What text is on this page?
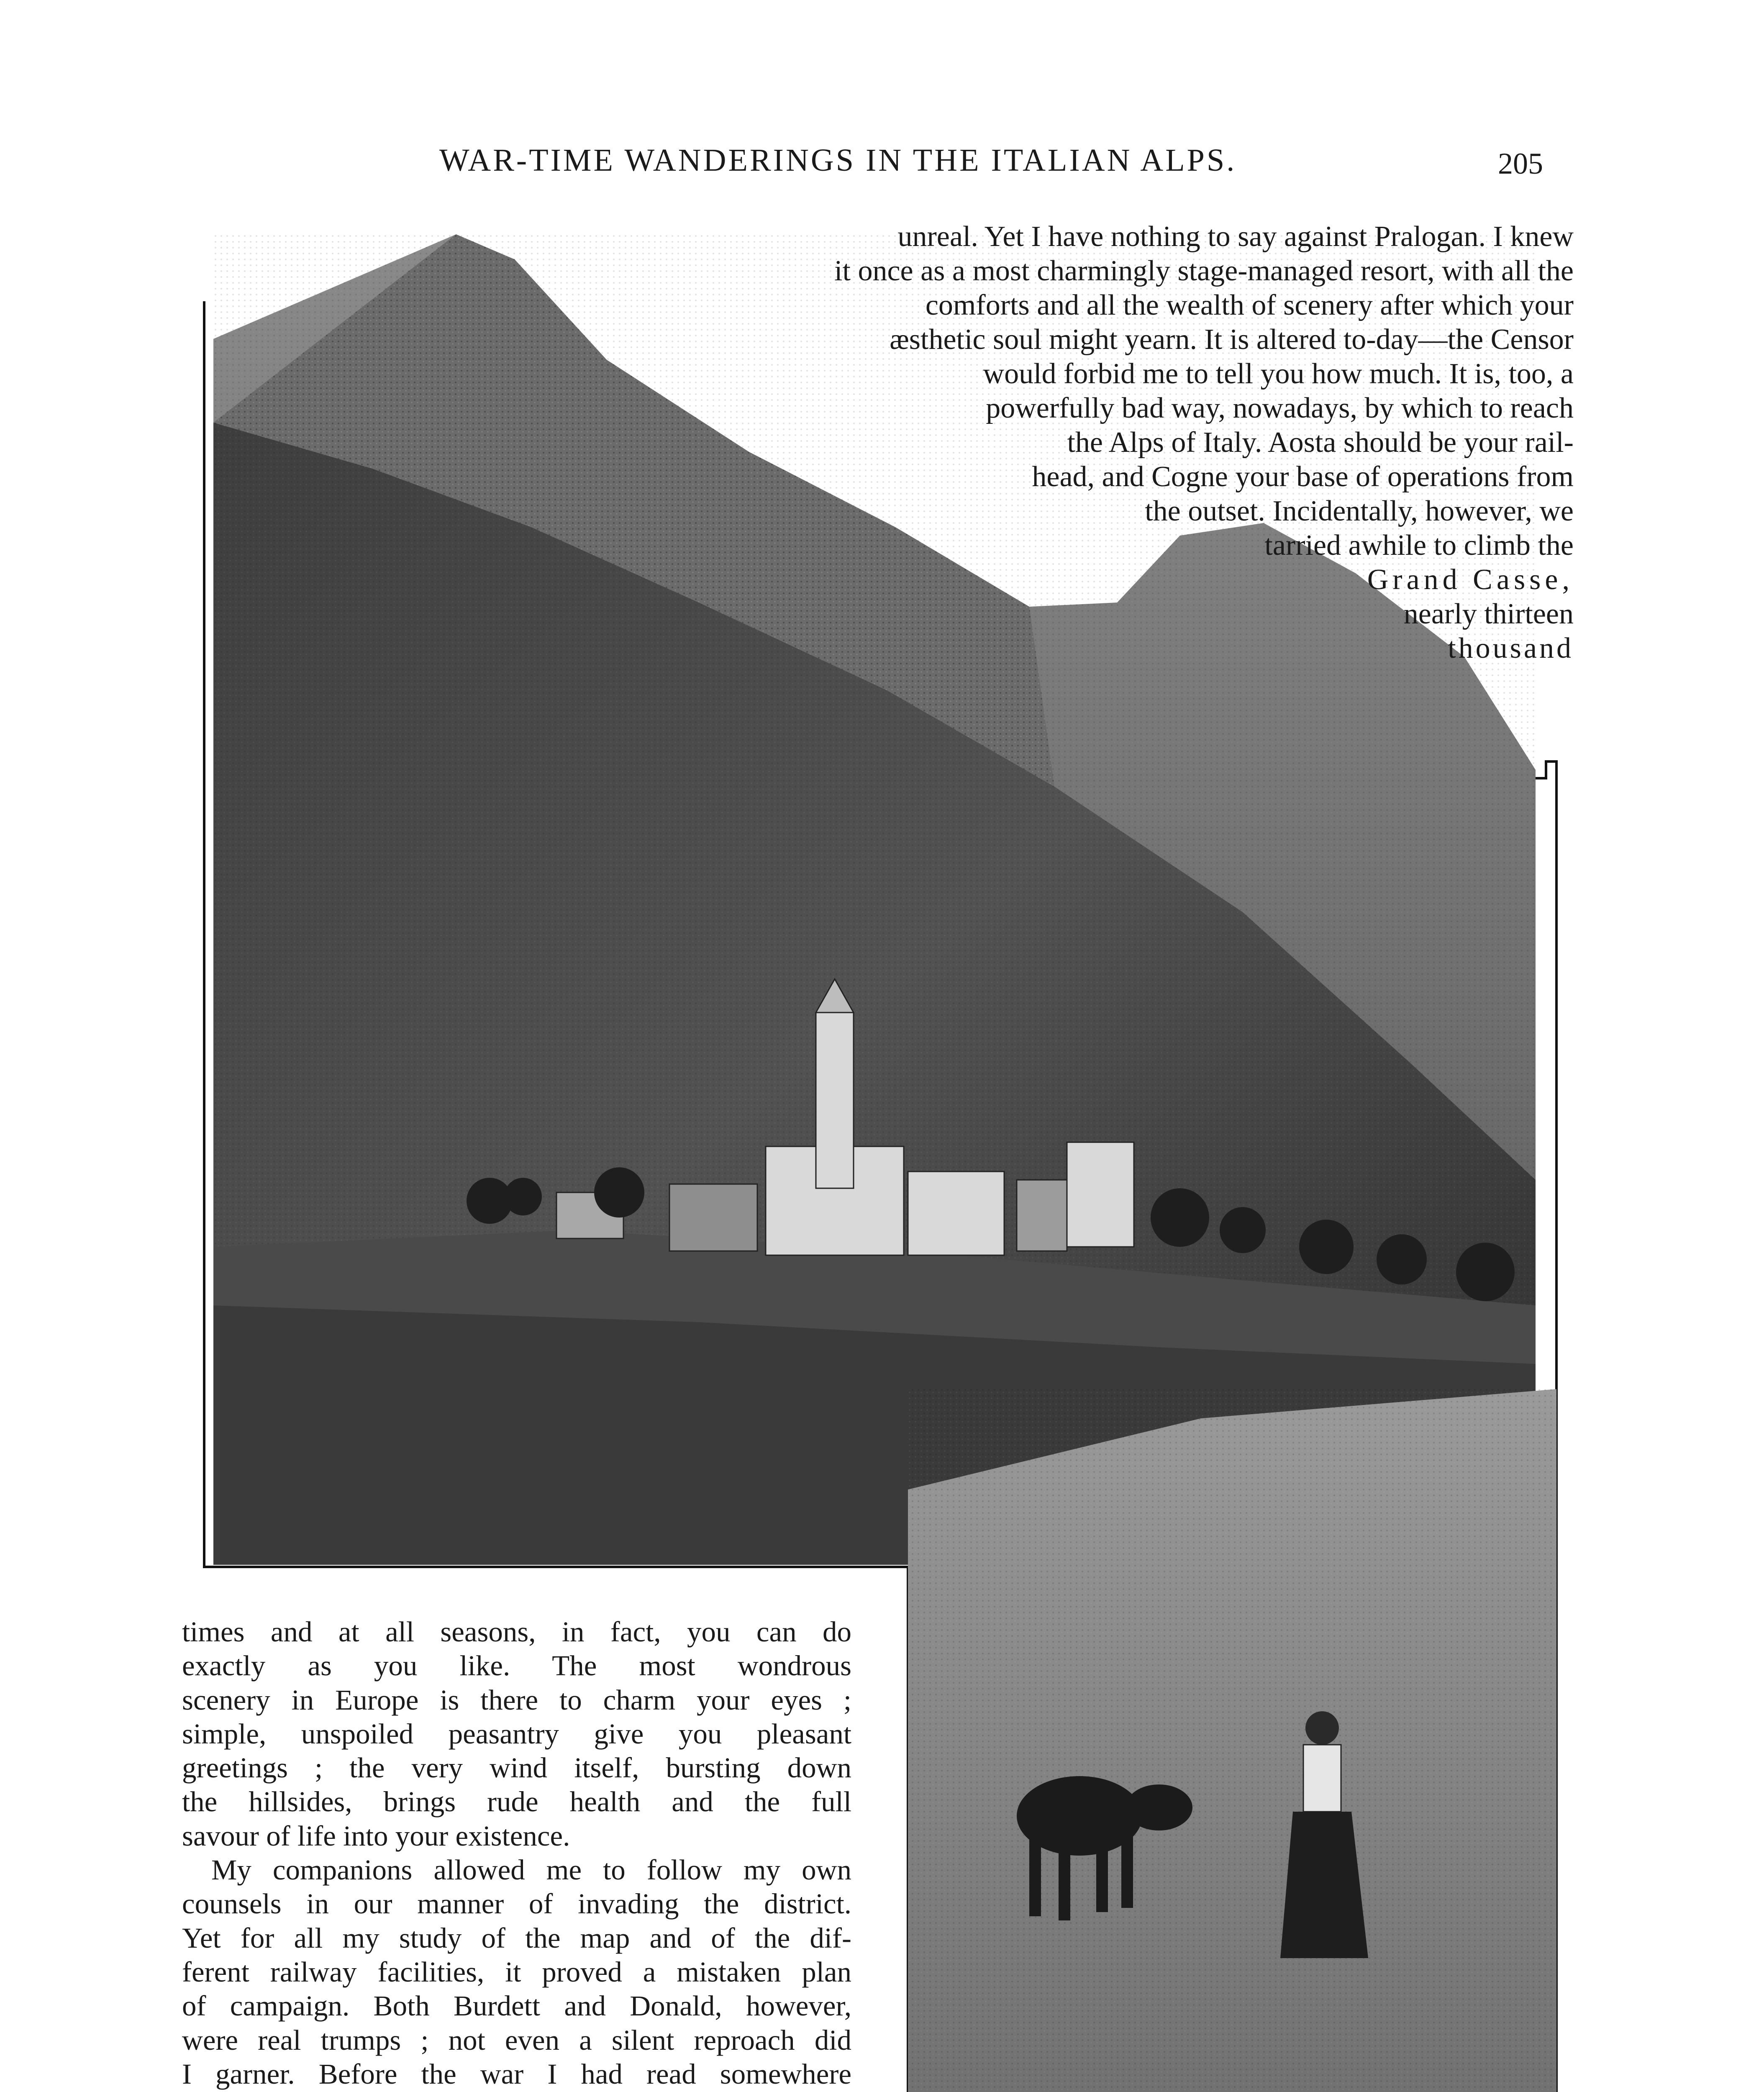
WAR-TIME WANDERINGS IN THE ITALIAN ALPS.	205
unreal. Yet I have nothing to say against Pralogan. I knew
it once as a most charmingly stage-managed resort, with all the
comforts and all the wealth of scenery after which your
æsthetic soul might yearn. It is altered to-day—the Censor
would forbid me to tell you how much. It is, too, a
powerfully bad way, nowadays, by which to reach
the Alps of Italy. Aosta should be your rail-
head, and Cogne your base of operations from
the outset. Incidentally, however, we
tarried awhile to climb the
Grand Casse,
nearly thirteen
thousand
times and at all seasons, in fact, you can do
exactly as you like. The most wondrous
scenery in Europe is there to charm your eyes ;
simple, unspoiled peasantry give you pleasant
greetings ; the very wind itself, bursting down
the hillsides, brings rude health and the full
savour of life into your existence.
My companions allowed me to follow my own
counsels in our manner of invading the district.
Yet for all my study of the map and of the dif-
ferent railway facilities, it proved a mistaken plan
of campaign. Both Burdett and Donald, however,
were real trumps ; not even a silent reproach did
I garner. Before the war I had read somewhere
